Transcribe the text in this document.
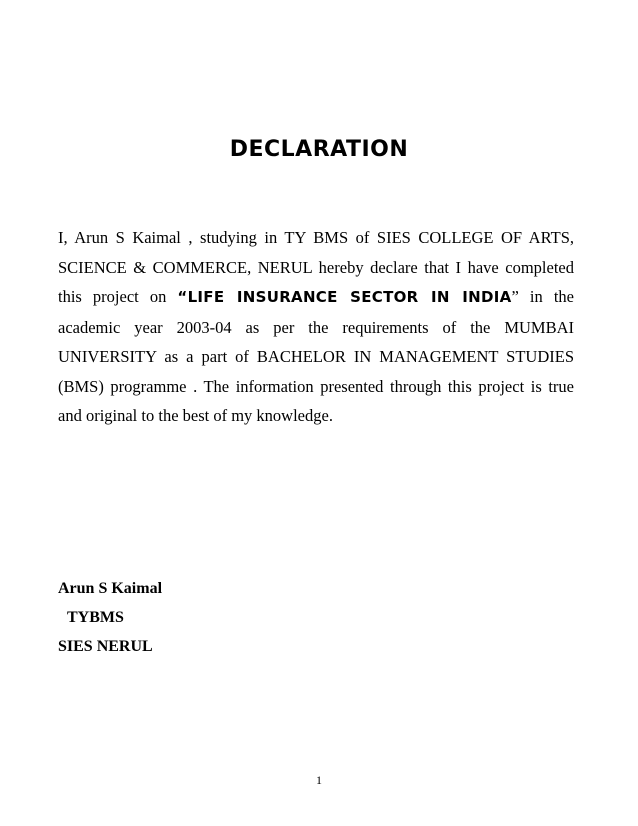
DECLARATION

I, Arun S Kaimal , studying in TY BMS of SIES COLLEGE OF ARTS, SCIENCE & COMMERCE, NERUL hereby declare that I have completed this project on “LIFE INSURANCE SECTOR IN INDIA” in the academic year 2003-04 as per the requirements of the MUMBAI UNIVERSITY as a part of BACHELOR IN MANAGEMENT STUDIES (BMS) programme . The information presented through this project is true and original to the best of my knowledge.

Arun S Kaimal
TYBMS
SIES NERUL
1
